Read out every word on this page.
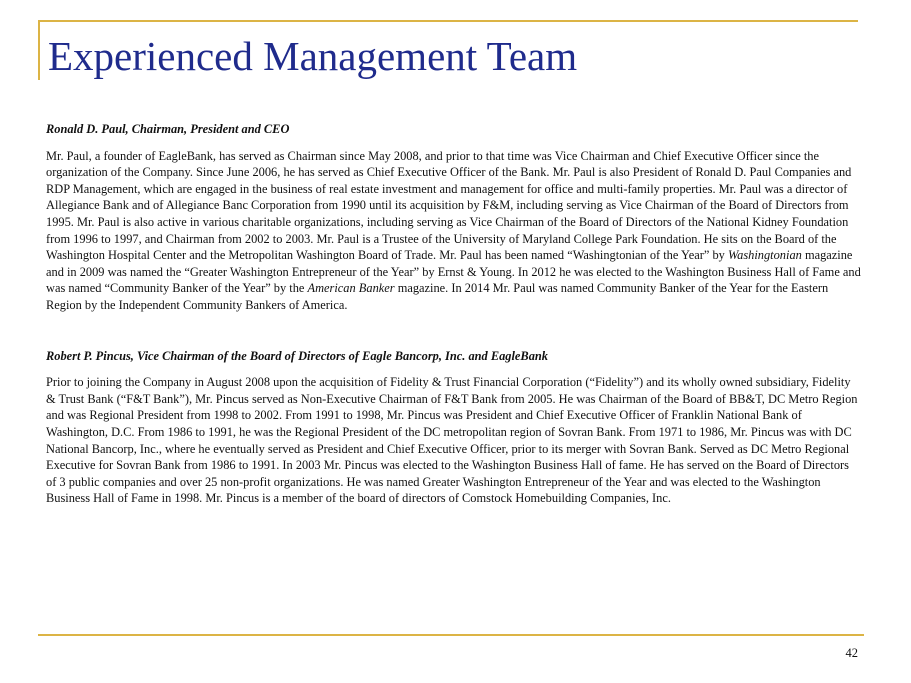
Experienced Management Team

Ronald D. Paul, Chairman, President and CEO

Mr. Paul, a founder of EagleBank, has served as Chairman since May 2008, and prior to that time was Vice Chairman and Chief Executive Officer since the organization of the Company. Since June 2006, he has served as Chief Executive Officer of the Bank. Mr. Paul is also President of Ronald D. Paul Companies and RDP Management, which are engaged in the business of real estate investment and management for office and multi-family properties. Mr. Paul was a director of Allegiance Bank and of Allegiance Banc Corporation from 1990 until its acquisition by F&M, including serving as Vice Chairman of the Board of Directors from 1995. Mr. Paul is also active in various charitable organizations, including serving as Vice Chairman of the Board of Directors of the National Kidney Foundation from 1996 to 1997, and Chairman from 2002 to 2003. Mr. Paul is a Trustee of the University of Maryland College Park Foundation. He sits on the Board of the Washington Hospital Center and the Metropolitan Washington Board of Trade. Mr. Paul has been named “Washingtonian of the Year” by Washingtonian magazine and in 2009 was named the “Greater Washington Entrepreneur of the Year” by Ernst & Young. In 2012 he was elected to the Washington Business Hall of Fame and was named “Community Banker of the Year” by the American Banker magazine. In 2014 Mr. Paul was named Community Banker of the Year for the Eastern Region by the Independent Community Bankers of America.

Robert P. Pincus, Vice Chairman of the Board of Directors of Eagle Bancorp, Inc. and EagleBank

Prior to joining the Company in August 2008 upon the acquisition of Fidelity & Trust Financial Corporation (“Fidelity”) and its wholly owned subsidiary, Fidelity & Trust Bank (“F&T Bank”), Mr. Pincus served as Non-Executive Chairman of F&T Bank from 2005. He was Chairman of the Board of BB&T, DC Metro Region and was Regional President from 1998 to 2002. From 1991 to 1998, Mr. Pincus was President and Chief Executive Officer of Franklin National Bank of Washington, D.C. From 1986 to 1991, he was the Regional President of the DC metropolitan region of Sovran Bank. From 1971 to 1986, Mr. Pincus was with DC National Bancorp, Inc., where he eventually served as President and Chief Executive Officer, prior to its merger with Sovran Bank. Served as DC Metro Regional Executive for Sovran Bank from 1986 to 1991. In 2003 Mr. Pincus was elected to the Washington Business Hall of fame. He has served on the Board of Directors of 3 public companies and over 25 non-profit organizations. He was named Greater Washington Entrepreneur of the Year and was elected to the Washington Business Hall of Fame in 1998. Mr. Pincus is a member of the board of directors of Comstock Homebuilding Companies, Inc.

42
